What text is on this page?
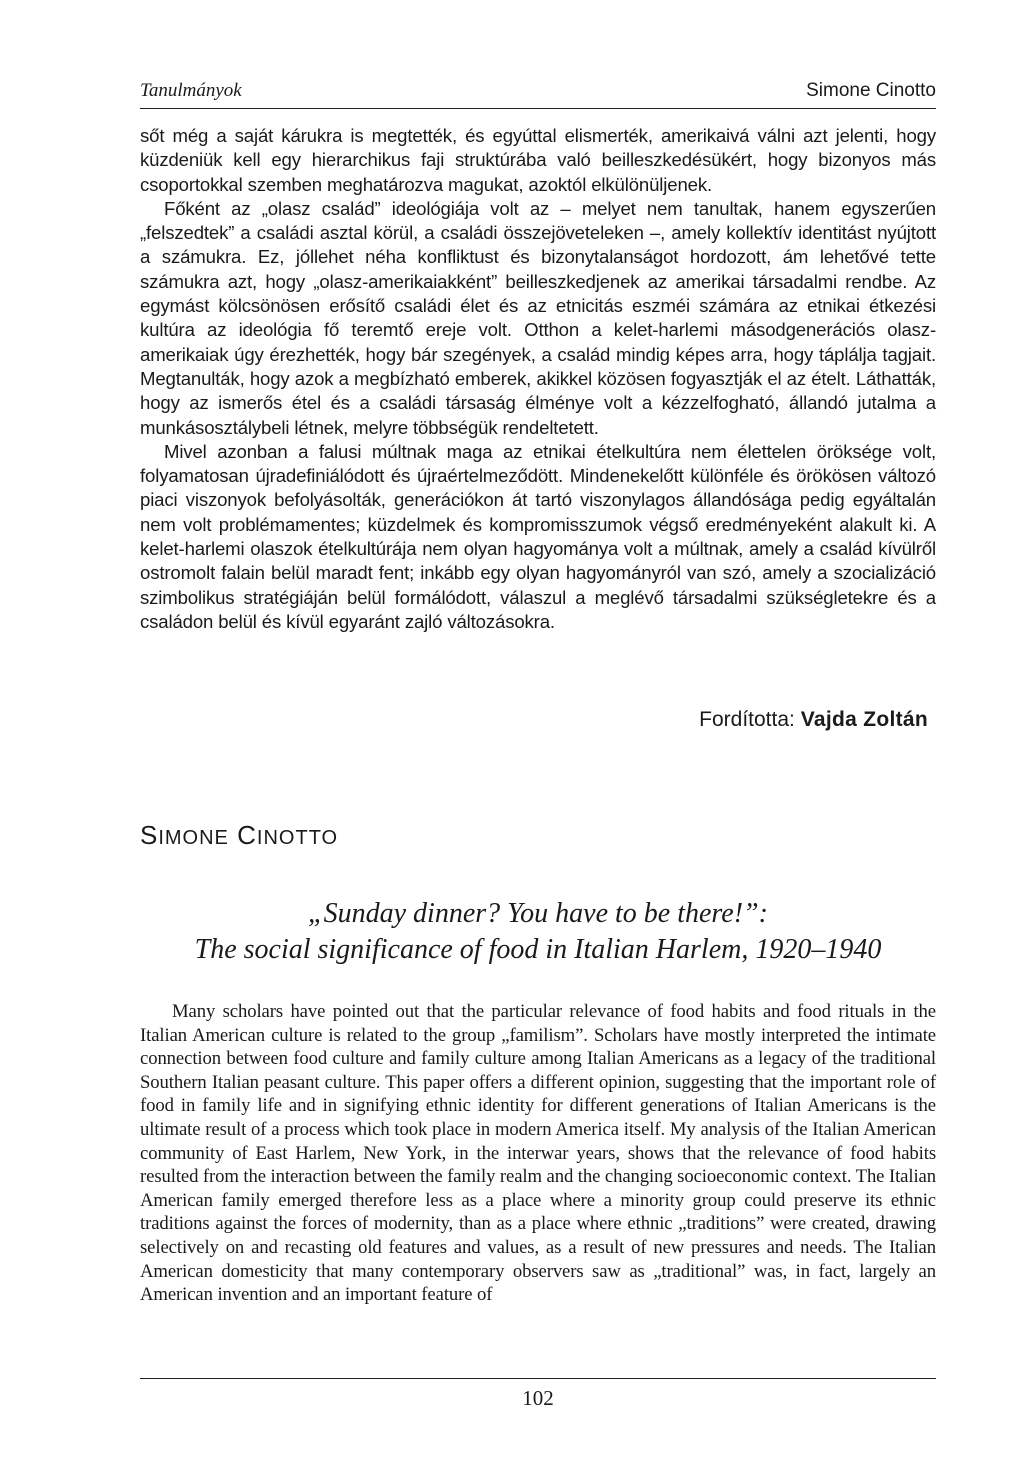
Tanulmányok	Simone Cinotto

sőt még a saját kárukra is megtették, és egyúttal elismerték, amerikaivá válni azt jelenti, hogy küzdeniük kell egy hierarchikus faji struktúrába való beilleszkedésükért, hogy bizonyos más csoportokkal szemben meghatározva magukat, azoktól elkülönüljenek.

Főként az „olasz család” ideológiája volt az – melyet nem tanultak, hanem egyszerűen „felszedtek” a családi asztal körül, a családi összejöveteleken –, amely kollektív identitást nyújtott a számukra. Ez, jóllehet néha konfliktust és bizonytalanságot hordozott, ám lehetővé tette számukra azt, hogy „olasz-amerikaiakként” beilleszkedjenek az amerikai társadalmi rendbe. Az egymást kölcsönösen erősítő családi élet és az etnicitás eszméi számára az etnikai étkezési kultúra az ideológia fő teremtő ereje volt. Otthon a kelet-harlemi másodgenerációs olasz-amerikaiak úgy érezhették, hogy bár szegények, a család mindig képes arra, hogy táplálja tagjait. Megtanulták, hogy azok a megbízható emberek, akikkel közösen fogyasztják el az ételt. Láthatták, hogy az ismerős étel és a családi társaság élménye volt a kézzelfogható, állandó jutalma a munkásosztálybeli létnek, melyre többségük rendeltetett.

Mivel azonban a falusi múltnak maga az etnikai ételkultúra nem élettelen öröksége volt, folyamatosan újradefiniálódott és újraértelmeződött. Mindenekelőtt különféle és örökösen változó piaci viszonyok befolyásolták, generációkon át tartó viszonylagos állandósága pedig egyáltalán nem volt problémamentes; küzdelmek és kompromisszumok végső eredményeként alakult ki. A kelet-harlemi olaszok ételkultúrája nem olyan hagyománya volt a múltnak, amely a család kívülről ostromolt falain belül maradt fent; inkább egy olyan hagyományról van szó, amely a szocializáció szimbolikus stratégiáján belül formálódott, válaszul a meglévő társadalmi szükségletekre és a családon belül és kívül egyaránt zajló változásokra.

Fordította: Vajda Zoltán
SIMONE CINOTTO
„Sunday dinner? You have to be there!”:
The social significance of food in Italian Harlem, 1920–1940

Many scholars have pointed out that the particular relevance of food habits and food rituals in the Italian American culture is related to the group „familism”. Scholars have mostly interpreted the intimate connection between food culture and family culture among Italian Americans as a legacy of the traditional Southern Italian peasant culture. This paper offers a different opinion, suggesting that the important role of food in family life and in signifying ethnic identity for different generations of Italian Americans is the ultimate result of a process which took place in modern America itself. My analysis of the Italian American community of East Harlem, New York, in the interwar years, shows that the relevance of food habits resulted from the interaction between the family realm and the changing socioeconomic context. The Italian American family emerged therefore less as a place where a minority group could preserve its ethnic traditions against the forces of modernity, than as a place where ethnic „traditions” were created, drawing selectively on and recasting old features and values, as a result of new pressures and needs. The Italian American domesticity that many contemporary observers saw as „traditional” was, in fact, largely an American invention and an important feature of

102
